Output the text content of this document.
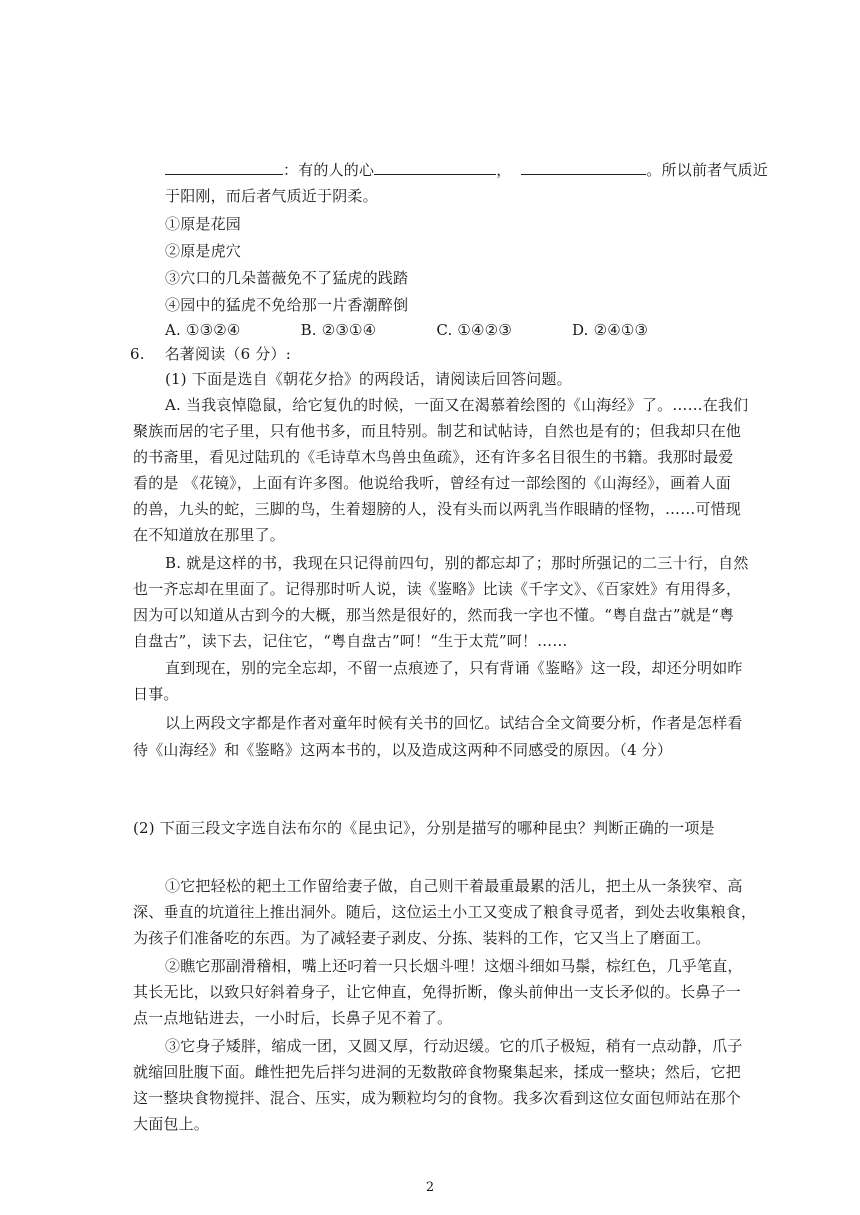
：有的人的心	，	。所以前者气质近
于阳刚，而后者气质近于阴柔。
①原是花园
②原是虎穴
③穴口的几朵蔷薇免不了猛虎的践踏
④园中的猛虎不免给那一片香潮醉倒
A. ①③②④	B. ②③①④	C. ①④②③	D. ②④①③
6. 名著阅读（6 分）:
(1) 下面是选自《朝花夕拾》的两段话，请阅读后回答问题。
A. 当我哀悼隐鼠，给它复仇的时候，一面又在渴慕着绘图的《山海经》了。……在我们
聚族而居的宅子里，只有他书多，而且特别。制艺和试帖诗，自然也是有的；但我却只在他
的书斋里，看见过陆玑的《毛诗草木鸟兽虫鱼疏》，还有许多名目很生的书籍。我那时最爱
看的是 《花镜》，上面有许多图。他说给我听，曾经有过一部绘图的《山海经》，画着人面
的兽，九头的蛇，三脚的鸟，生着翅膀的人，没有头而以两乳当作眼睛的怪物，……可惜现
在不知道放在那里了。
B. 就是这样的书，我现在只记得前四句，别的都忘却了；那时所强记的二三十行，自然
也一齐忘却在里面了。记得那时听人说，读《鉴略》比读《千字文》、《百家姓》有用得多，
因为可以知道从古到今的大概，那当然是很好的，然而我一字也不懂。“粤自盘古”就是“粤
自盘古”，读下去，记住它，“粤自盘古”呵！“生于太荒”呵！……
直到现在，别的完全忘却，不留一点痕迹了，只有背诵《鉴略》这一段，却还分明如昨
日事。
以上两段文字都是作者对童年时候有关书的回忆。试结合全文简要分析，作者是怎样看
待《山海经》和《鉴略》这两本书的，以及造成这两种不同感受的原因。（4 分）
(2) 下面三段文字选自法布尔的《昆虫记》，分别是描写的哪种昆虫？判断正确的一项是
①它把轻松的耙土工作留给妻子做，自己则干着最重最累的活儿，把土从一条狭窄、高
深、垂直的坑道往上推出洞外。随后，这位运土小工又变成了粮食寻觅者，到处去收集粮食，
为孩子们准备吃的东西。为了减轻妻子剥皮、分拣、装料的工作，它又当上了磨面工。
②瞧它那副滑稽相，嘴上还叼着一只长烟斗哩！这烟斗细如马鬃，棕红色，几乎笔直，
其长无比，以致只好斜着身子，让它伸直，免得折断，像头前伸出一支长矛似的。长鼻子一
点一点地钻进去，一小时后，长鼻子见不着了。
③它身子矮胖，缩成一团，又圆又厚，行动迟缓。它的爪子极短，稍有一点动静，爪子
就缩回肚腹下面。雌性把先后拌匀进洞的无数散碎食物聚集起来，揉成一整块；然后，它把
这一整块食物搅拌、混合、压实，成为颗粒均匀的食物。我多次看到这位女面包师站在那个
大面包上。
2
